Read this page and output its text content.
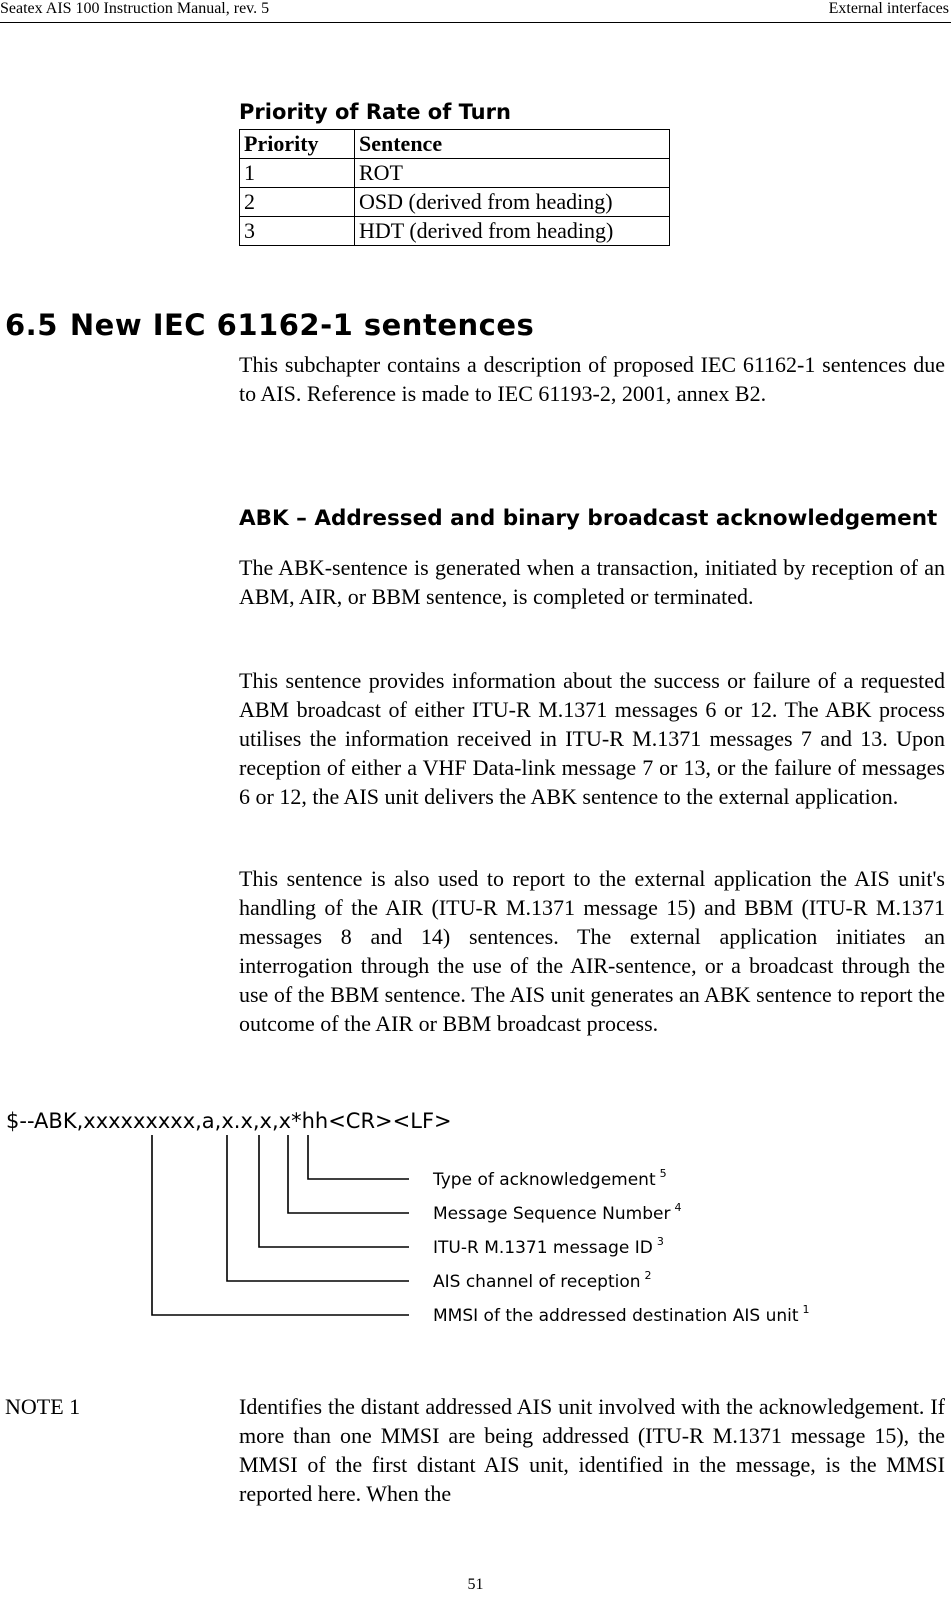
Seatex AIS 100 Instruction Manual, rev. 5	External interfaces
Priority of Rate of Turn
Priority	Sentence
1	ROT
2	OSD (derived from heading)
3	HDT (derived from heading)
6.5 New IEC 61162-1 sentences
This subchapter contains a description of proposed IEC 61162-1 sentences due to AIS. Reference is made to IEC 61193-2, 2001, annex B2.
ABK – Addressed and binary broadcast acknowledgement
The ABK-sentence is generated when a transaction, initiated by reception of an ABM, AIR, or BBM sentence, is completed or terminated.
This sentence provides information about the success or failure of a requested ABM broadcast of either ITU-R M.1371 messages 6 or 12. The ABK process utilises the information received in ITU-R M.1371 messages 7 and 13. Upon reception of either a VHF Data-link message 7 or 13, or the failure of messages 6 or 12, the AIS unit delivers the ABK sentence to the external application.
This sentence is also used to report to the external application the AIS unit's handling of the AIR (ITU-R M.1371 message 15) and BBM (ITU-R M.1371 messages 8 and 14) sentences. The external application initiates an interrogation through the use of the AIR-sentence, or a broadcast through the use of the BBM sentence. The AIS unit generates an ABK sentence to report the outcome of the AIR or BBM broadcast process.
$--ABK,xxxxxxxxx,a,x.x,x,x*hh<CR><LF>
Type of acknowledgement $^5$
Message Sequence Number $^4$
ITU-R M.1371 message ID $^3$
AIS channel of reception $^2$
MMSI of the addressed destination AIS unit $^1$
NOTE 1	Identifies the distant addressed AIS unit involved with the acknowledgement. If more than one MMSI are being addressed (ITU-R M.1371 message 15), the MMSI of the first distant AIS unit, identified in the message, is the MMSI reported here. When the
51
